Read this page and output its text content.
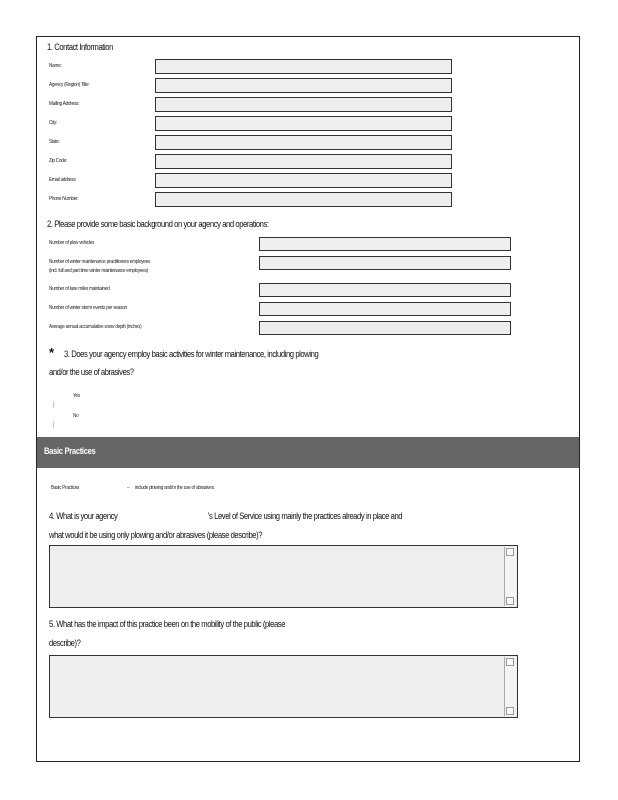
1. Contact Information
Name:
Agency (Region) Title:
Mailing Address:
City:
State:
Zip Code:
Email address:
Phone Number:
2. Please provide some basic background on your agency and operations:
Number of plow vehicles
Number of winter maintenance practitioners employees
(incl. full and part time winter maintenance employees)
Number of lane miles maintained
Number of winter storm events per season
Average annual accumulative snow depth (inches)
* 3. Does your agency employ basic activities for winter maintenance, including plowing
and/or the use of abrasives?
j
Yes
j
No
Basic Practices
Basic Practices	– include plowing and/or the use of abrasives.
4. What is your agency	's Level of Service using mainly the practices already in place and
what would it be using only plowing and/or abrasives (please describe)?
5. What has the impact of this practice been on the mobility of the public (please
describe)?
